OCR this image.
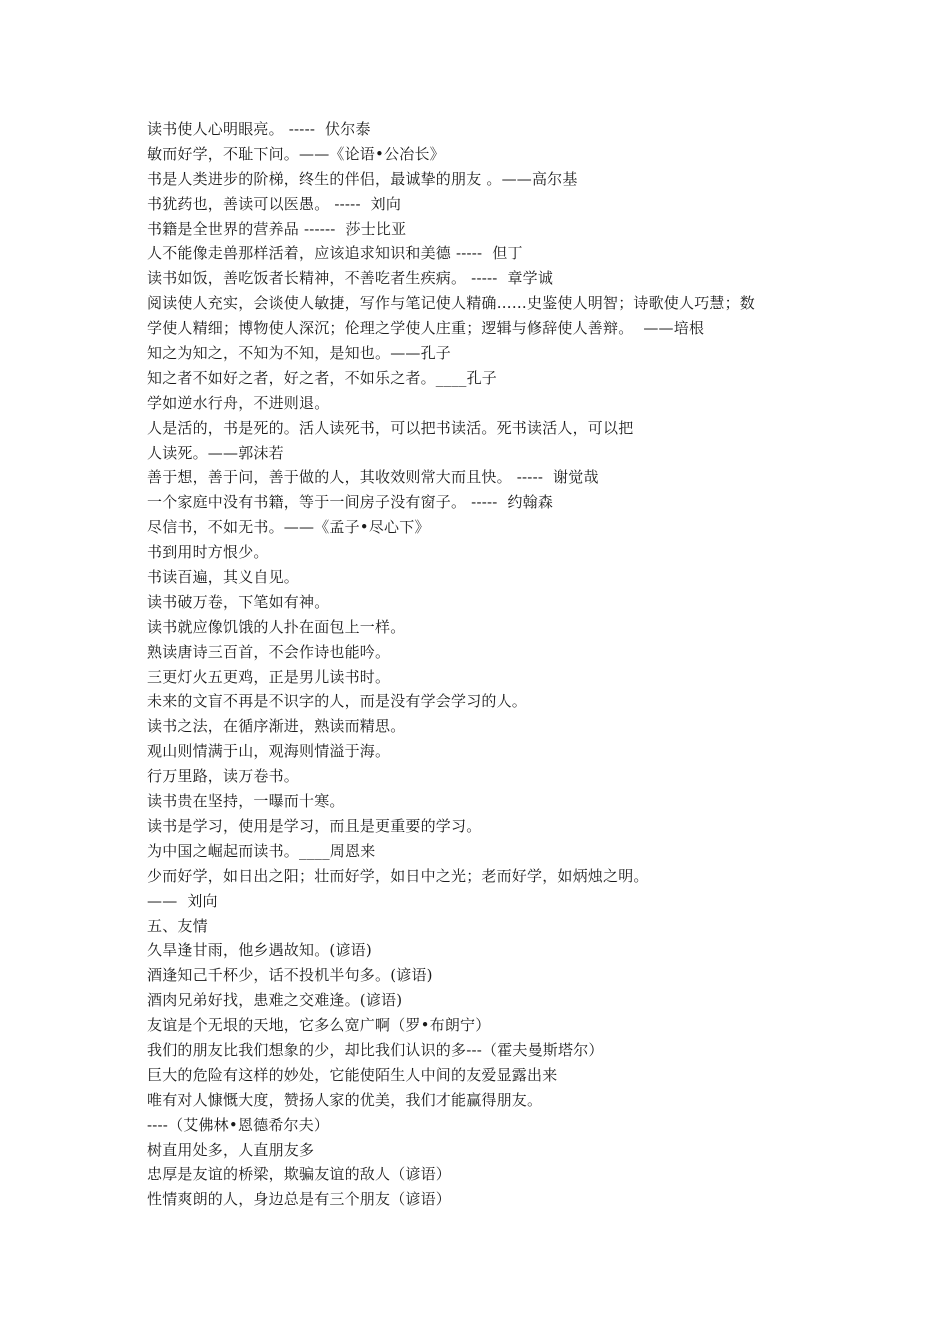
读书使人心明眼亮。 -----  伏尔泰
敏而好学，不耻下问。——《论语•公冶长》
书是人类进步的阶梯，终生的伴侣，最诚挚的朋友 。——高尔基
书犹药也，善读可以医愚。 -----  刘向
书籍是全世界的营养品 ------  莎士比亚
人不能像走兽那样活着，应该追求知识和美德 -----  但丁
读书如饭，善吃饭者长精神，不善吃者生疾病。 -----  章学诚
阅读使人充实，会谈使人敏捷，写作与笔记使人精确……史鉴使人明智；诗歌使人巧慧；数
学使人精细；博物使人深沉；伦理之学使人庄重；逻辑与修辞使人善辩。  ——培根
知之为知之，不知为不知，是知也。——孔子
知之者不如好之者，好之者，不如乐之者。____孔子
学如逆水行舟，不进则退。
人是活的，书是死的。活人读死书，可以把书读活。死书读活人，可以把
人读死。——郭沫若
善于想，善于问，善于做的人，其收效则常大而且快。 -----  谢觉哉
一个家庭中没有书籍，等于一间房子没有窗子。 -----  约翰森
尽信书，不如无书。——《孟子•尽心下》
书到用时方恨少。
书读百遍，其义自见。
读书破万卷，下笔如有神。
读书就应像饥饿的人扑在面包上一样。
熟读唐诗三百首，不会作诗也能吟。
三更灯火五更鸡，正是男儿读书时。
未来的文盲不再是不识字的人，而是没有学会学习的人。
读书之法，在循序渐进，熟读而精思。
观山则情满于山，观海则情溢于海。
行万里路，读万卷书。
读书贵在坚持，一曝而十寒。
读书是学习，使用是学习，而且是更重要的学习。
为中国之崛起而读书。____周恩来
少而好学，如日出之阳；壮而好学，如日中之光；老而好学，如炳烛之明。
——  刘向
五、友情
久旱逢甘雨，他乡遇故知。(谚语)
酒逢知己千杯少，话不投机半句多。(谚语)
酒肉兄弟好找，患难之交难逢。(谚语)
友谊是个无垠的天地，它多么宽广啊（罗•布朗宁）
我们的朋友比我们想象的少，却比我们认识的多---（霍夫曼斯塔尔）
巨大的危险有这样的妙处，它能使陌生人中间的友爱显露出来
唯有对人慷慨大度，赞扬人家的优美，我们才能赢得朋友。
----（艾佛林•恩德希尔夫）
树直用处多，人直朋友多
忠厚是友谊的桥梁，欺骗友谊的敌人（谚语）
性情爽朗的人，身边总是有三个朋友（谚语）
